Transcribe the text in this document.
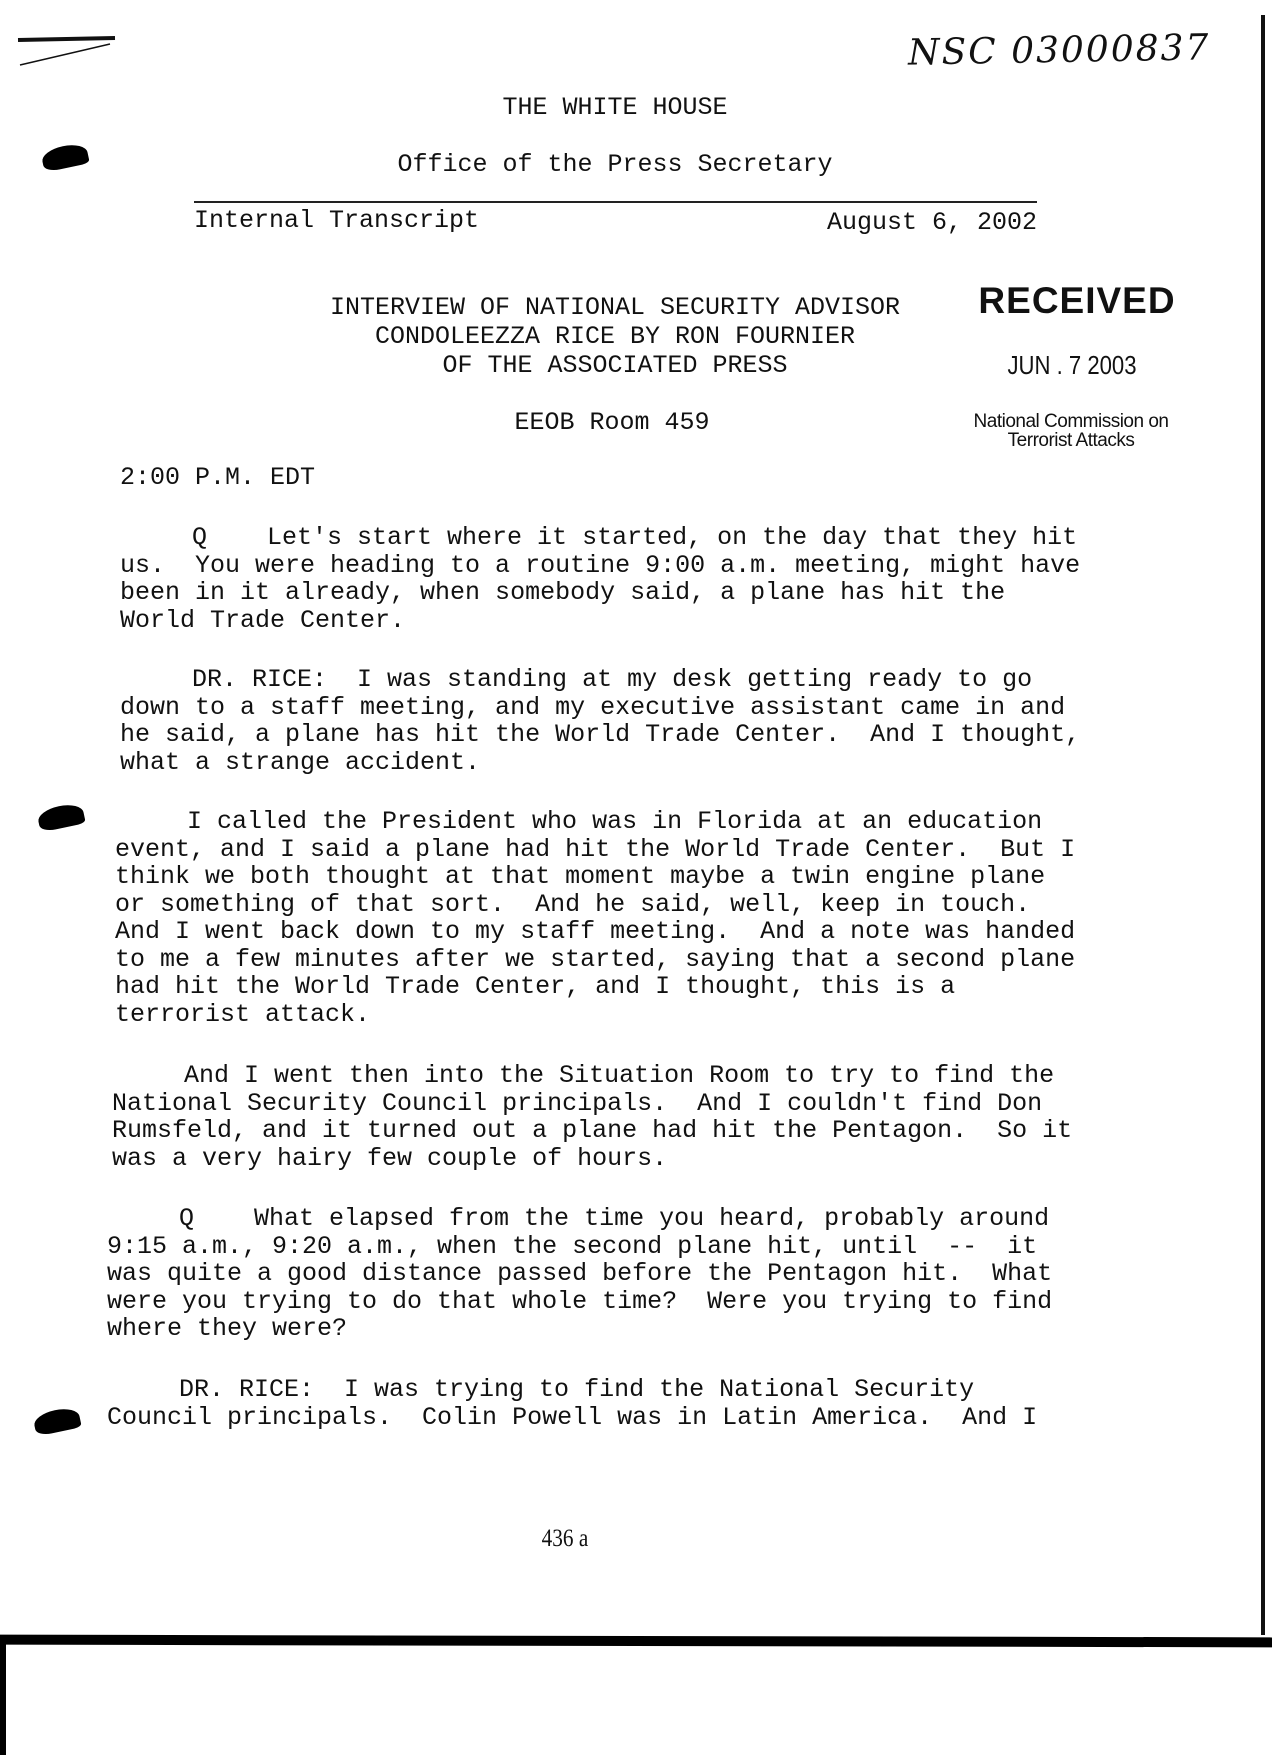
NSC 03000837
THE WHITE HOUSE
Office of the Press Secretary
Internal Transcript	August 6, 2002
INTERVIEW OF NATIONAL SECURITY ADVISOR
CONDOLEEZZA RICE BY RON FOURNIER
OF THE ASSOCIATED PRESS
EEOB Room 459
RECEIVED
JUN . 7 2003
National Commission on
Terrorist Attacks
2:00 P.M. EDT
Q    Let's start where it started, on the day that they hit
us.  You were heading to a routine 9:00 a.m. meeting, might have
been in it already, when somebody said, a plane has hit the
World Trade Center.
DR. RICE:  I was standing at my desk getting ready to go
down to a staff meeting, and my executive assistant came in and
he said, a plane has hit the World Trade Center.  And I thought,
what a strange accident.
I called the President who was in Florida at an education
event, and I said a plane had hit the World Trade Center.  But I
think we both thought at that moment maybe a twin engine plane
or something of that sort.  And he said, well, keep in touch.
And I went back down to my staff meeting.  And a note was handed
to me a few minutes after we started, saying that a second plane
had hit the World Trade Center, and I thought, this is a
terrorist attack.
And I went then into the Situation Room to try to find the
National Security Council principals.  And I couldn't find Don
Rumsfeld, and it turned out a plane had hit the Pentagon.  So it
was a very hairy few couple of hours.
Q    What elapsed from the time you heard, probably around
9:15 a.m., 9:20 a.m., when the second plane hit, until  --  it
was quite a good distance passed before the Pentagon hit.  What
were you trying to do that whole time?  Were you trying to find
where they were?
DR. RICE:  I was trying to find the National Security
Council principals.  Colin Powell was in Latin America.  And I
436 a
